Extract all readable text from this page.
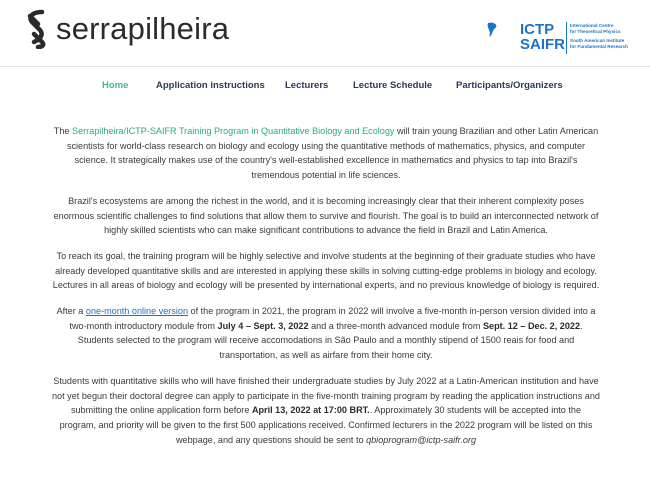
serrapilheira	ICTP
SAIFR
International Centre
for Theoretical Physics
South American Institute
for Fundamental Research
Home	Application instructions Lecturers	Lecture Schedule	Participants/Organizers

The Serrapilheira/ICTP-SAIFR Training Program in Quantitative Biology and Ecology will train young Brazilian and other Latin American scientists for world-class research on biology and ecology using the quantitative methods of mathematics, physics, and computer science. It strategically makes use of the country's well-established excellence in mathematics and physics to tap into Brazil's tremendous potential in life sciences.

Brazil's ecosystems are among the richest in the world, and it is becoming increasingly clear that their inherent complexity poses enormous scientific challenges to find solutions that allow them to survive and flourish. The goal is to build an interconnected network of highly skilled scientists who can make significant contributions to advance the field in Brazil and Latin America.

To reach its goal, the training program will be highly selective and involve students at the beginning of their graduate studies who have already developed quantitative skills and are interested in applying these skills in solving cutting-edge problems in biology and ecology. Lectures in all areas of biology and ecology will be presented by international experts, and no previous knowledge of biology is required.

After a one-month online version of the program in 2021, the program in 2022 will involve a five-month in-person version divided into a two-month introductory module from July 4 – Sept. 3, 2022 and a three-month advanced module from Sept. 12 – Dec. 2, 2022. Students selected to the program will receive accomodations in São Paulo and a monthly stipend of 1500 reais for food and transportation, as well as airfare from their home city.

Students with quantitative skills who will have finished their undergraduate studies by July 2022 at a Latin-American institution and have not yet begun their doctoral degree can apply to participate in the five-month training program by reading the application instructions and submitting the online application form before April 13, 2022 at 17:00 BRT.. Approximately 30 students will be accepted into the program, and priority will be given to the first 500 applications received. Confirmed lecturers in the 2022 program will be listed on this webpage, and any questions should be sent to qbioprogram@ictp-saifr.org
